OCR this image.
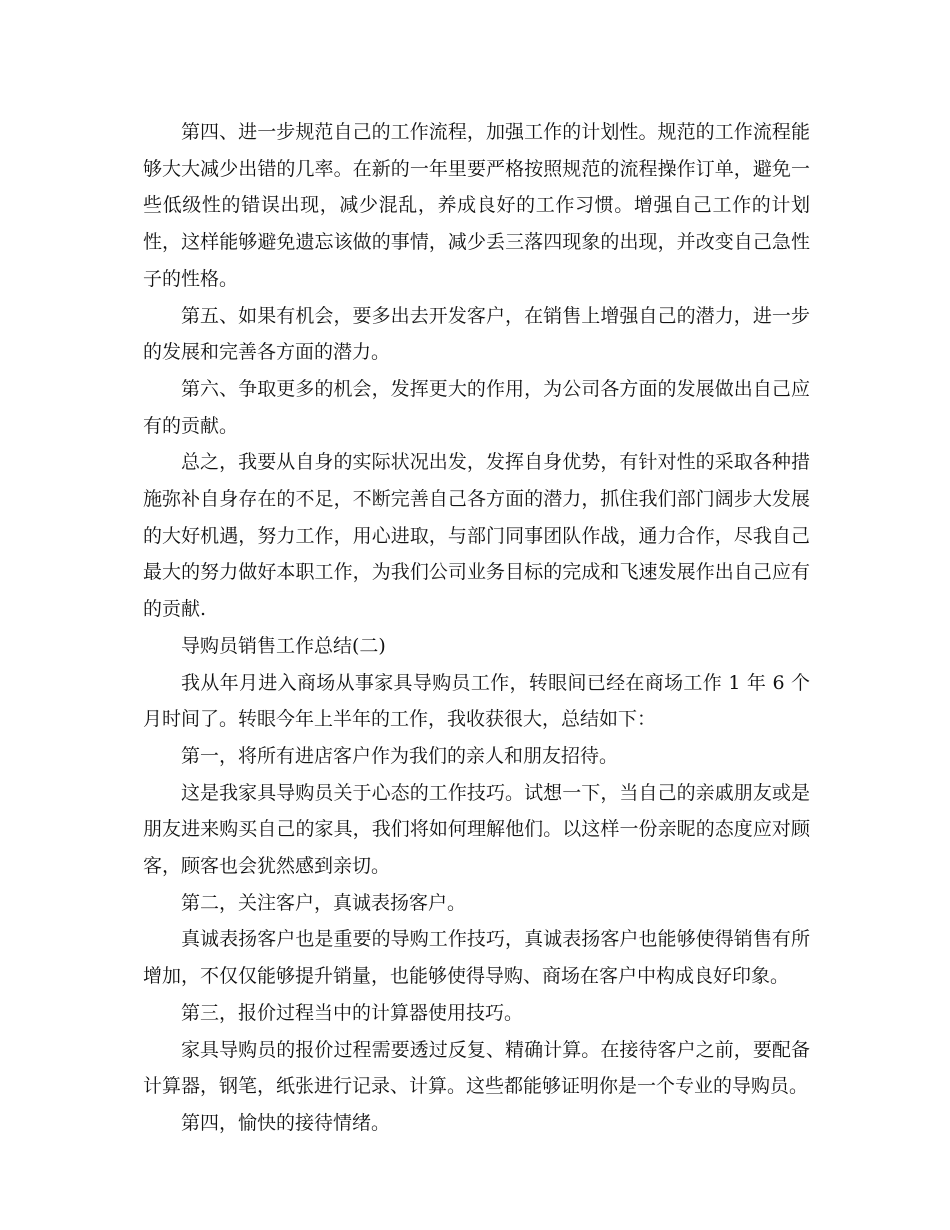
第四、进一步规范自己的工作流程，加强工作的计划性。规范的工作流程能够大大减少出错的几率。在新的一年里要严格按照规范的流程操作订单，避免一些低级性的错误出现，减少混乱，养成良好的工作习惯。增强自己工作的计划性，这样能够避免遗忘该做的事情，减少丢三落四现象的出现，并改变自己急性子的性格。

第五、如果有机会，要多出去开发客户，在销售上增强自己的潜力，进一步的发展和完善各方面的潜力。

第六、争取更多的机会，发挥更大的作用，为公司各方面的发展做出自己应有的贡献。

总之，我要从自身的实际状况出发，发挥自身优势，有针对性的采取各种措施弥补自身存在的不足，不断完善自己各方面的潜力，抓住我们部门阔步大发展的大好机遇，努力工作，用心进取，与部门同事团队作战，通力合作，尽我自己最大的努力做好本职工作，为我们公司业务目标的完成和飞速发展作出自己应有的贡献.

导购员销售工作总结(二)

我从年月进入商场从事家具导购员工作，转眼间已经在商场工作 1 年 6 个月时间了。转眼今年上半年的工作，我收获很大，总结如下：

第一，将所有进店客户作为我们的亲人和朋友招待。

这是我家具导购员关于心态的工作技巧。试想一下，当自己的亲戚朋友或是朋友进来购买自己的家具，我们将如何理解他们。以这样一份亲昵的态度应对顾客，顾客也会犹然感到亲切。

第二，关注客户，真诚表扬客户。

真诚表扬客户也是重要的导购工作技巧，真诚表扬客户也能够使得销售有所增加，不仅仅能够提升销量，也能够使得导购、商场在客户中构成良好印象。

第三，报价过程当中的计算器使用技巧。

家具导购员的报价过程需要透过反复、精确计算。在接待客户之前，要配备计算器，钢笔，纸张进行记录、计算。这些都能够证明你是一个专业的导购员。

第四，愉快的接待情绪。
